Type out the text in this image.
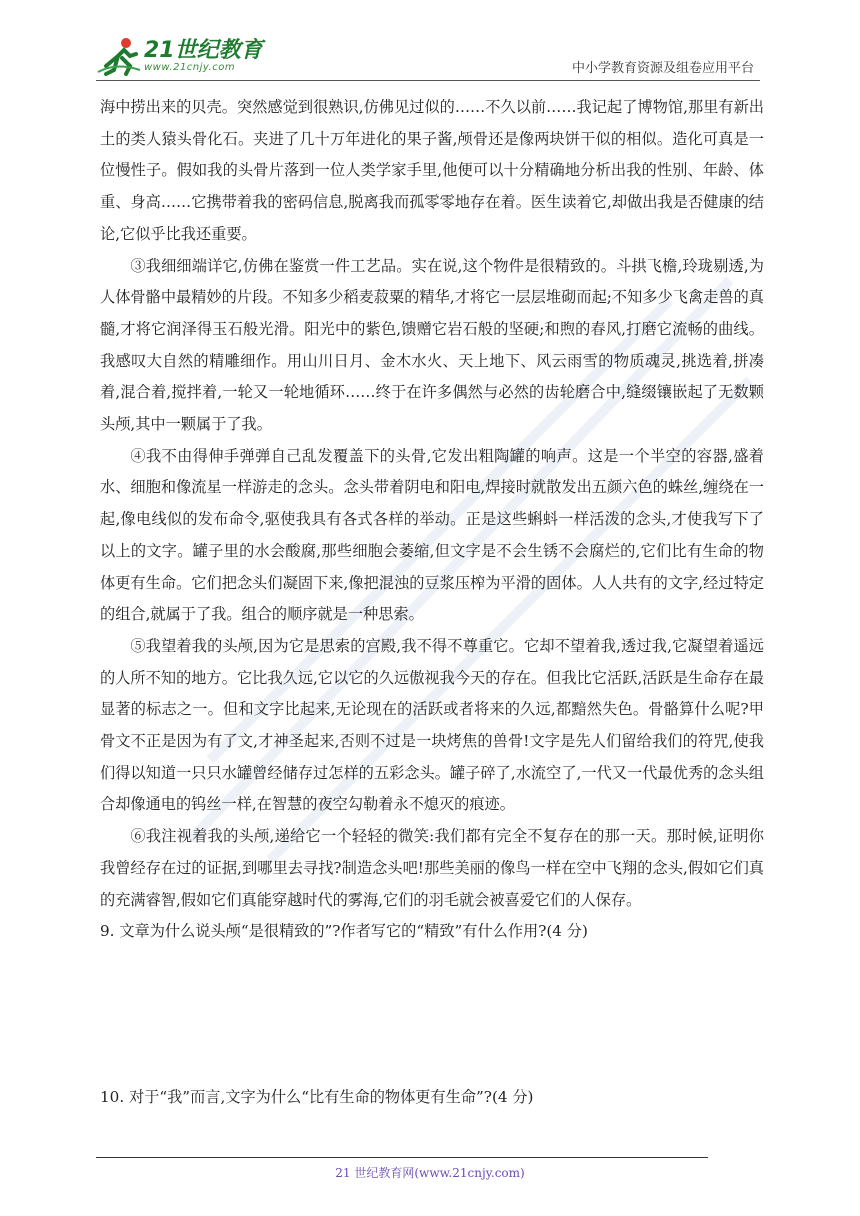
21世纪教育
www.21cnjy.com	中小学教育资源及组卷应用平台

海中捞出来的贝壳。突然感觉到很熟识,仿佛见过似的……不久以前……我记起了博物馆,那里有新出土的类人猿头骨化石。夹进了几十万年进化的果子酱,颅骨还是像两块饼干似的相似。造化可真是一位慢性子。假如我的头骨片落到一位人类学家手里,他便可以十分精确地分析出我的性别、年龄、体重、身高……它携带着我的密码信息,脱离我而孤零零地存在着。医生读着它,却做出我是否健康的结论,它似乎比我还重要。

③我细细端详它,仿佛在鉴赏一件工艺品。实在说,这个物件是很精致的。斗拱飞檐,玲珑剔透,为人体骨骼中最精妙的片段。不知多少稻麦菽粟的精华,才将它一层层堆砌而起;不知多少飞禽走兽的真髓,才将它润泽得玉石般光滑。阳光中的紫色,馈赠它岩石般的坚硬;和煦的春风,打磨它流畅的曲线。我感叹大自然的精雕细作。用山川日月、金木水火、天上地下、风云雨雪的物质魂灵,挑选着,拼凑着,混合着,搅拌着,一轮又一轮地循环……终于在许多偶然与必然的齿轮磨合中,缝缀镶嵌起了无数颗头颅,其中一颗属于了我。

④我不由得伸手弹弹自己乱发覆盖下的头骨,它发出粗陶罐的响声。这是一个半空的容器,盛着水、细胞和像流星一样游走的念头。念头带着阴电和阳电,焊接时就散发出五颜六色的蛛丝,缠绕在一起,像电线似的发布命令,驱使我具有各式各样的举动。正是这些蝌蚪一样活泼的念头,才使我写下了以上的文字。罐子里的水会酸腐,那些细胞会萎缩,但文字是不会生锈不会腐烂的,它们比有生命的物体更有生命。它们把念头们凝固下来,像把混浊的豆浆压榨为平滑的固体。人人共有的文字,经过特定的组合,就属于了我。组合的顺序就是一种思索。

⑤我望着我的头颅,因为它是思索的宫殿,我不得不尊重它。它却不望着我,透过我,它凝望着遥远的人所不知的地方。它比我久远,它以它的久远傲视我今天的存在。但我比它活跃,活跃是生命存在最显著的标志之一。但和文字比起来,无论现在的活跃或者将来的久远,都黯然失色。骨骼算什么呢?甲骨文不正是因为有了文,才神圣起来,否则不过是一块烤焦的兽骨!文字是先人们留给我们的符咒,使我们得以知道一只只水罐曾经储存过怎样的五彩念头。罐子碎了,水流空了,一代又一代最优秀的念头组合却像通电的钨丝一样,在智慧的夜空勾勒着永不熄灭的痕迹。

⑥我注视着我的头颅,递给它一个轻轻的微笑:我们都有完全不复存在的那一天。那时候,证明你我曾经存在过的证据,到哪里去寻找?制造念头吧!那些美丽的像鸟一样在空中飞翔的念头,假如它们真的充满睿智,假如它们真能穿越时代的雾海,它们的羽毛就会被喜爱它们的人保存。

9. 文章为什么说头颅“是很精致的”?作者写它的“精致”有什么作用?(4 分)

10. 对于“我”而言,文字为什么“比有生命的物体更有生命”?(4 分)
21 世纪教育网(www.21cnjy.com)
